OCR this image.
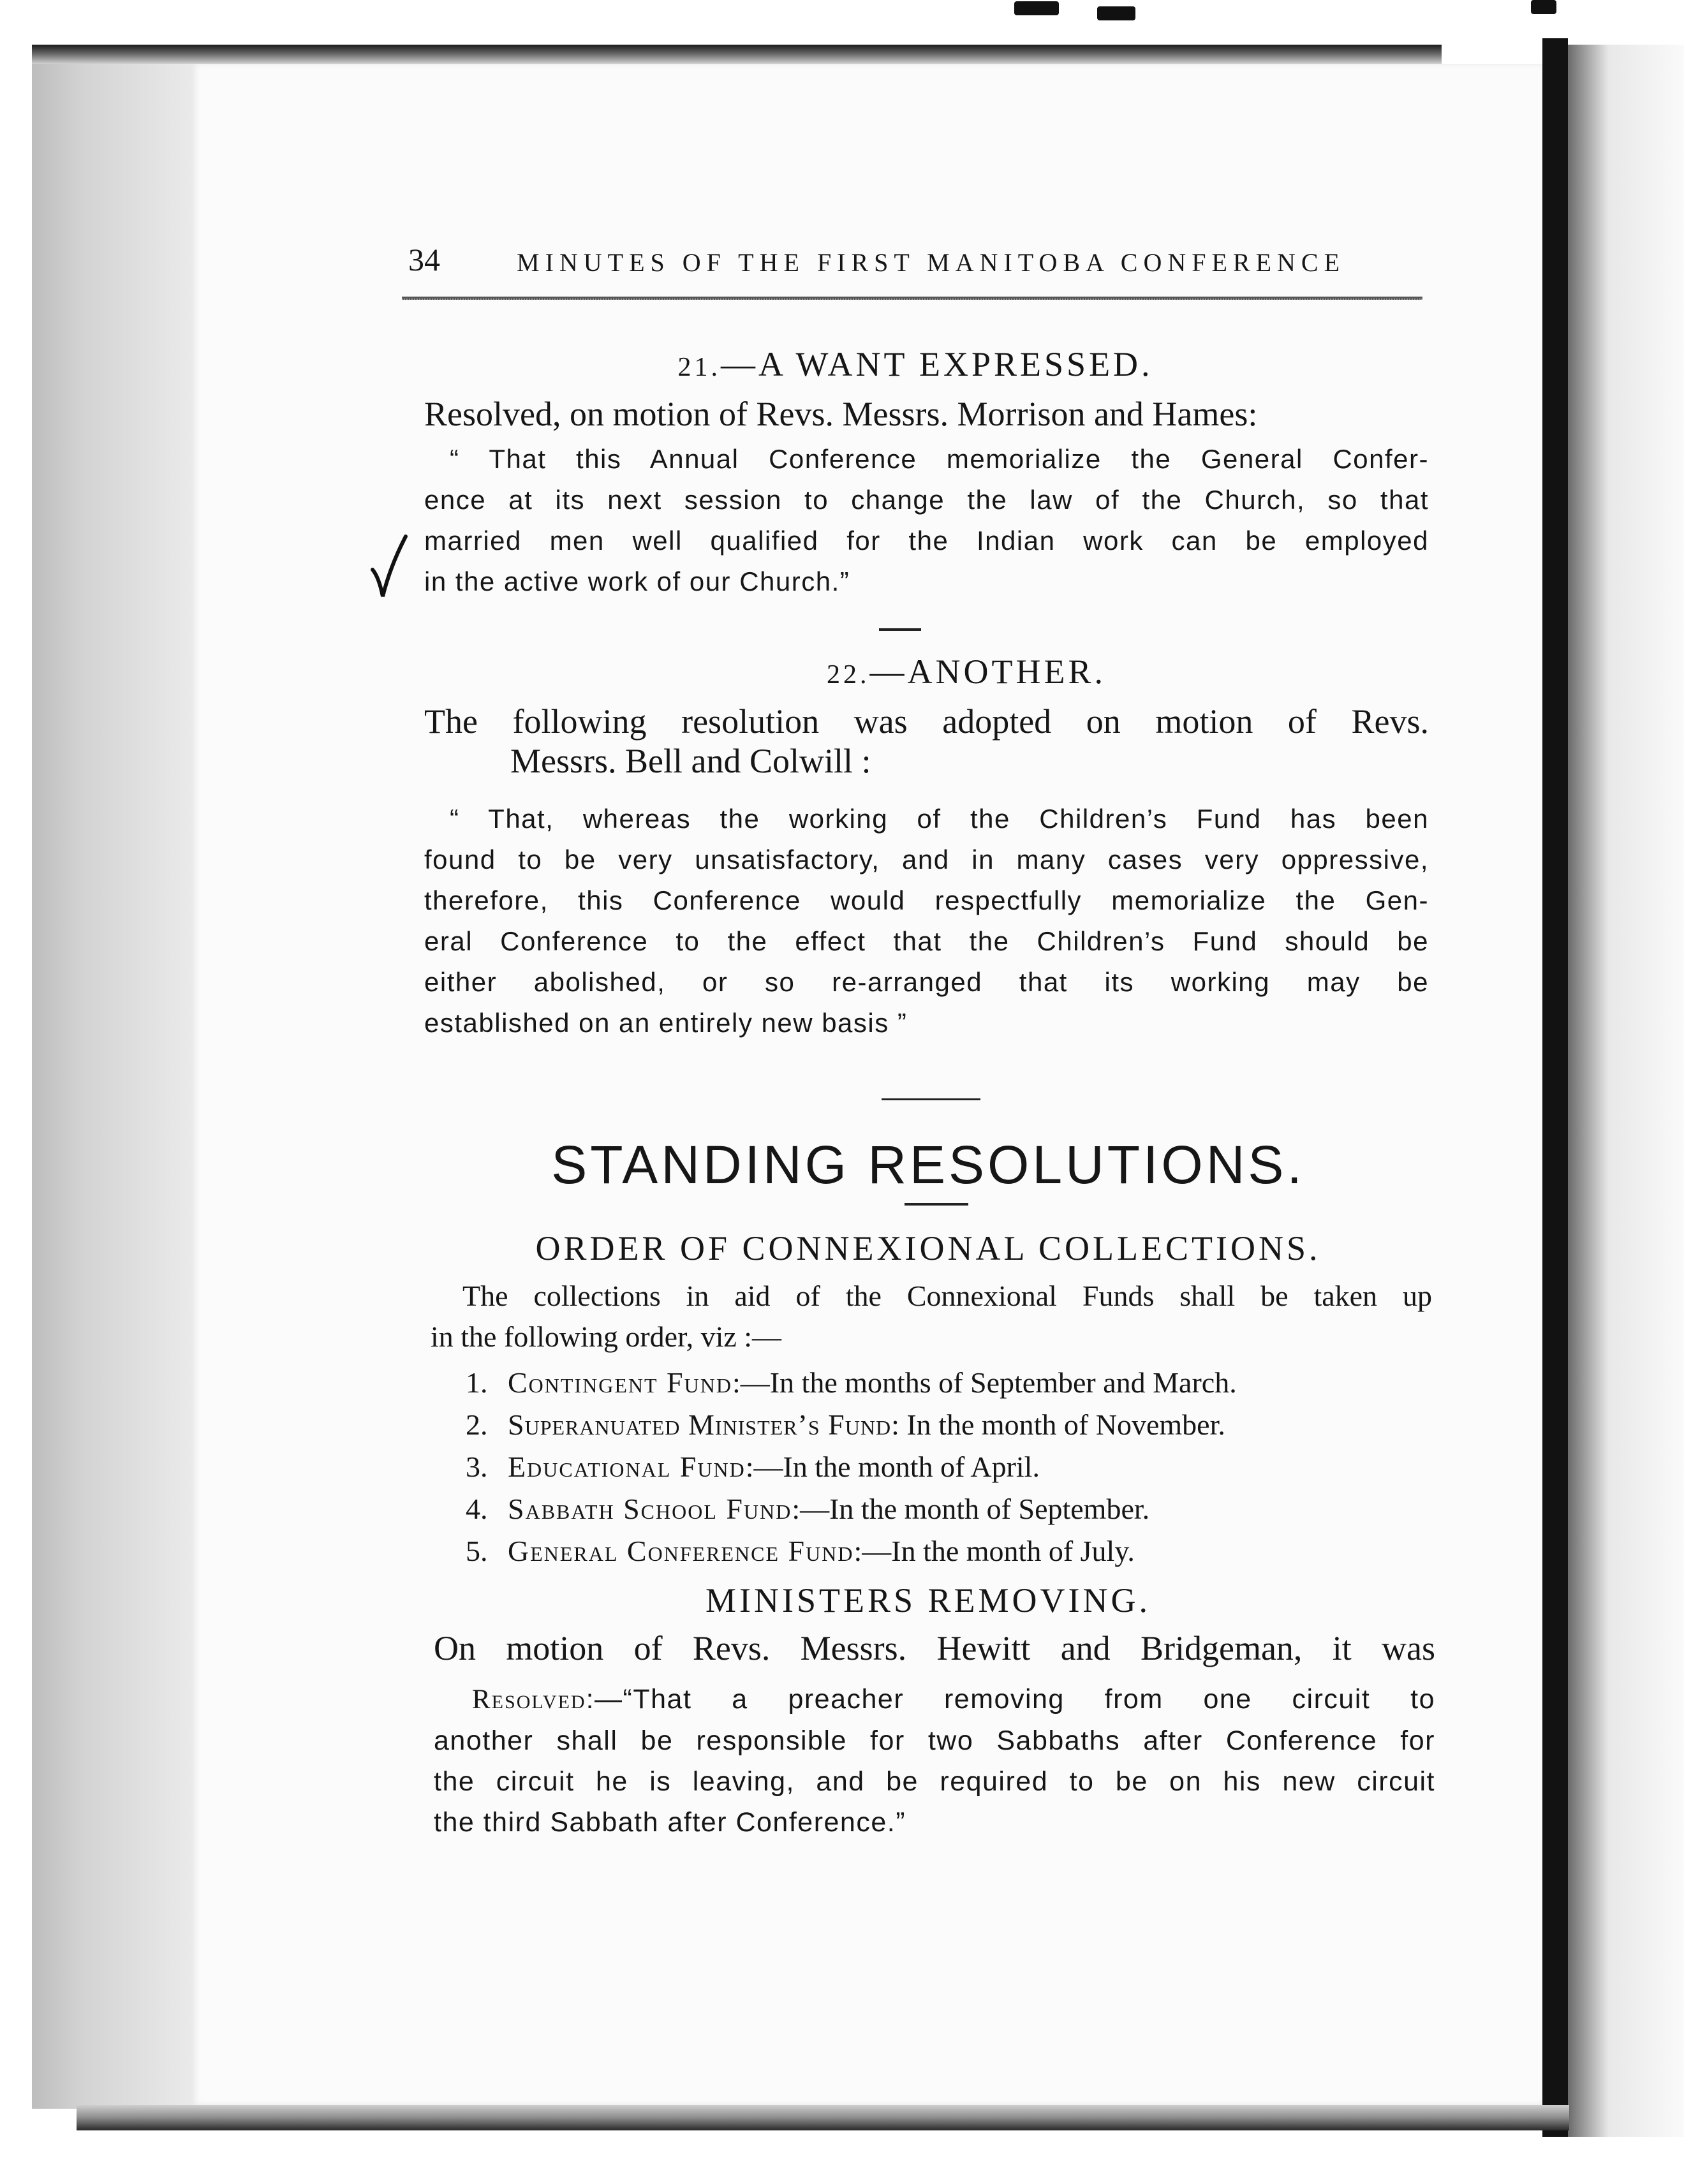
34	MINUTES OF THE FIRST MANITOBA CONFERENCE
21.—A WANT EXPRESSED.
Resolved, on motion of Revs. Messrs. Morrison and Hames:
“ That this Annual Conference memorialize the General Confer-
ence at its next session to change the law of the Church, so that
married men well qualified for the Indian work can be employed
in the active work of our Church.”
22.—ANOTHER.
The following resolution was adopted on motion of Revs.
Messrs. Bell and Colwill :
“ That, whereas the working of the Children’s Fund has been
found to be very unsatisfactory, and in many cases very oppressive,
therefore, this Conference would respectfully memorialize the Gen-
eral Conference to the effect that the Children’s Fund should be
either abolished, or so re-arranged that its working may be
established on an entirely new basis ”
STANDING RESOLUTIONS.
ORDER OF CONNEXIONAL COLLECTIONS.
The collections in aid of the Connexional Funds shall be taken up
in the following order, viz :—
1. Contingent Fund:—In the months of September and March.
2. Superanuated Minister’s Fund: In the month of November.
3. Educational Fund:—In the month of April.
4. Sabbath School Fund:—In the month of September.
5. General Conference Fund:—In the month of July.
MINISTERS REMOVING.
On motion of Revs. Messrs. Hewitt and Bridgeman, it was
Resolved:—“That a preacher removing from one circuit to
another shall be responsible for two Sabbaths after Conference for
the circuit he is leaving, and be required to be on his new circuit
the third Sabbath after Conference.”
